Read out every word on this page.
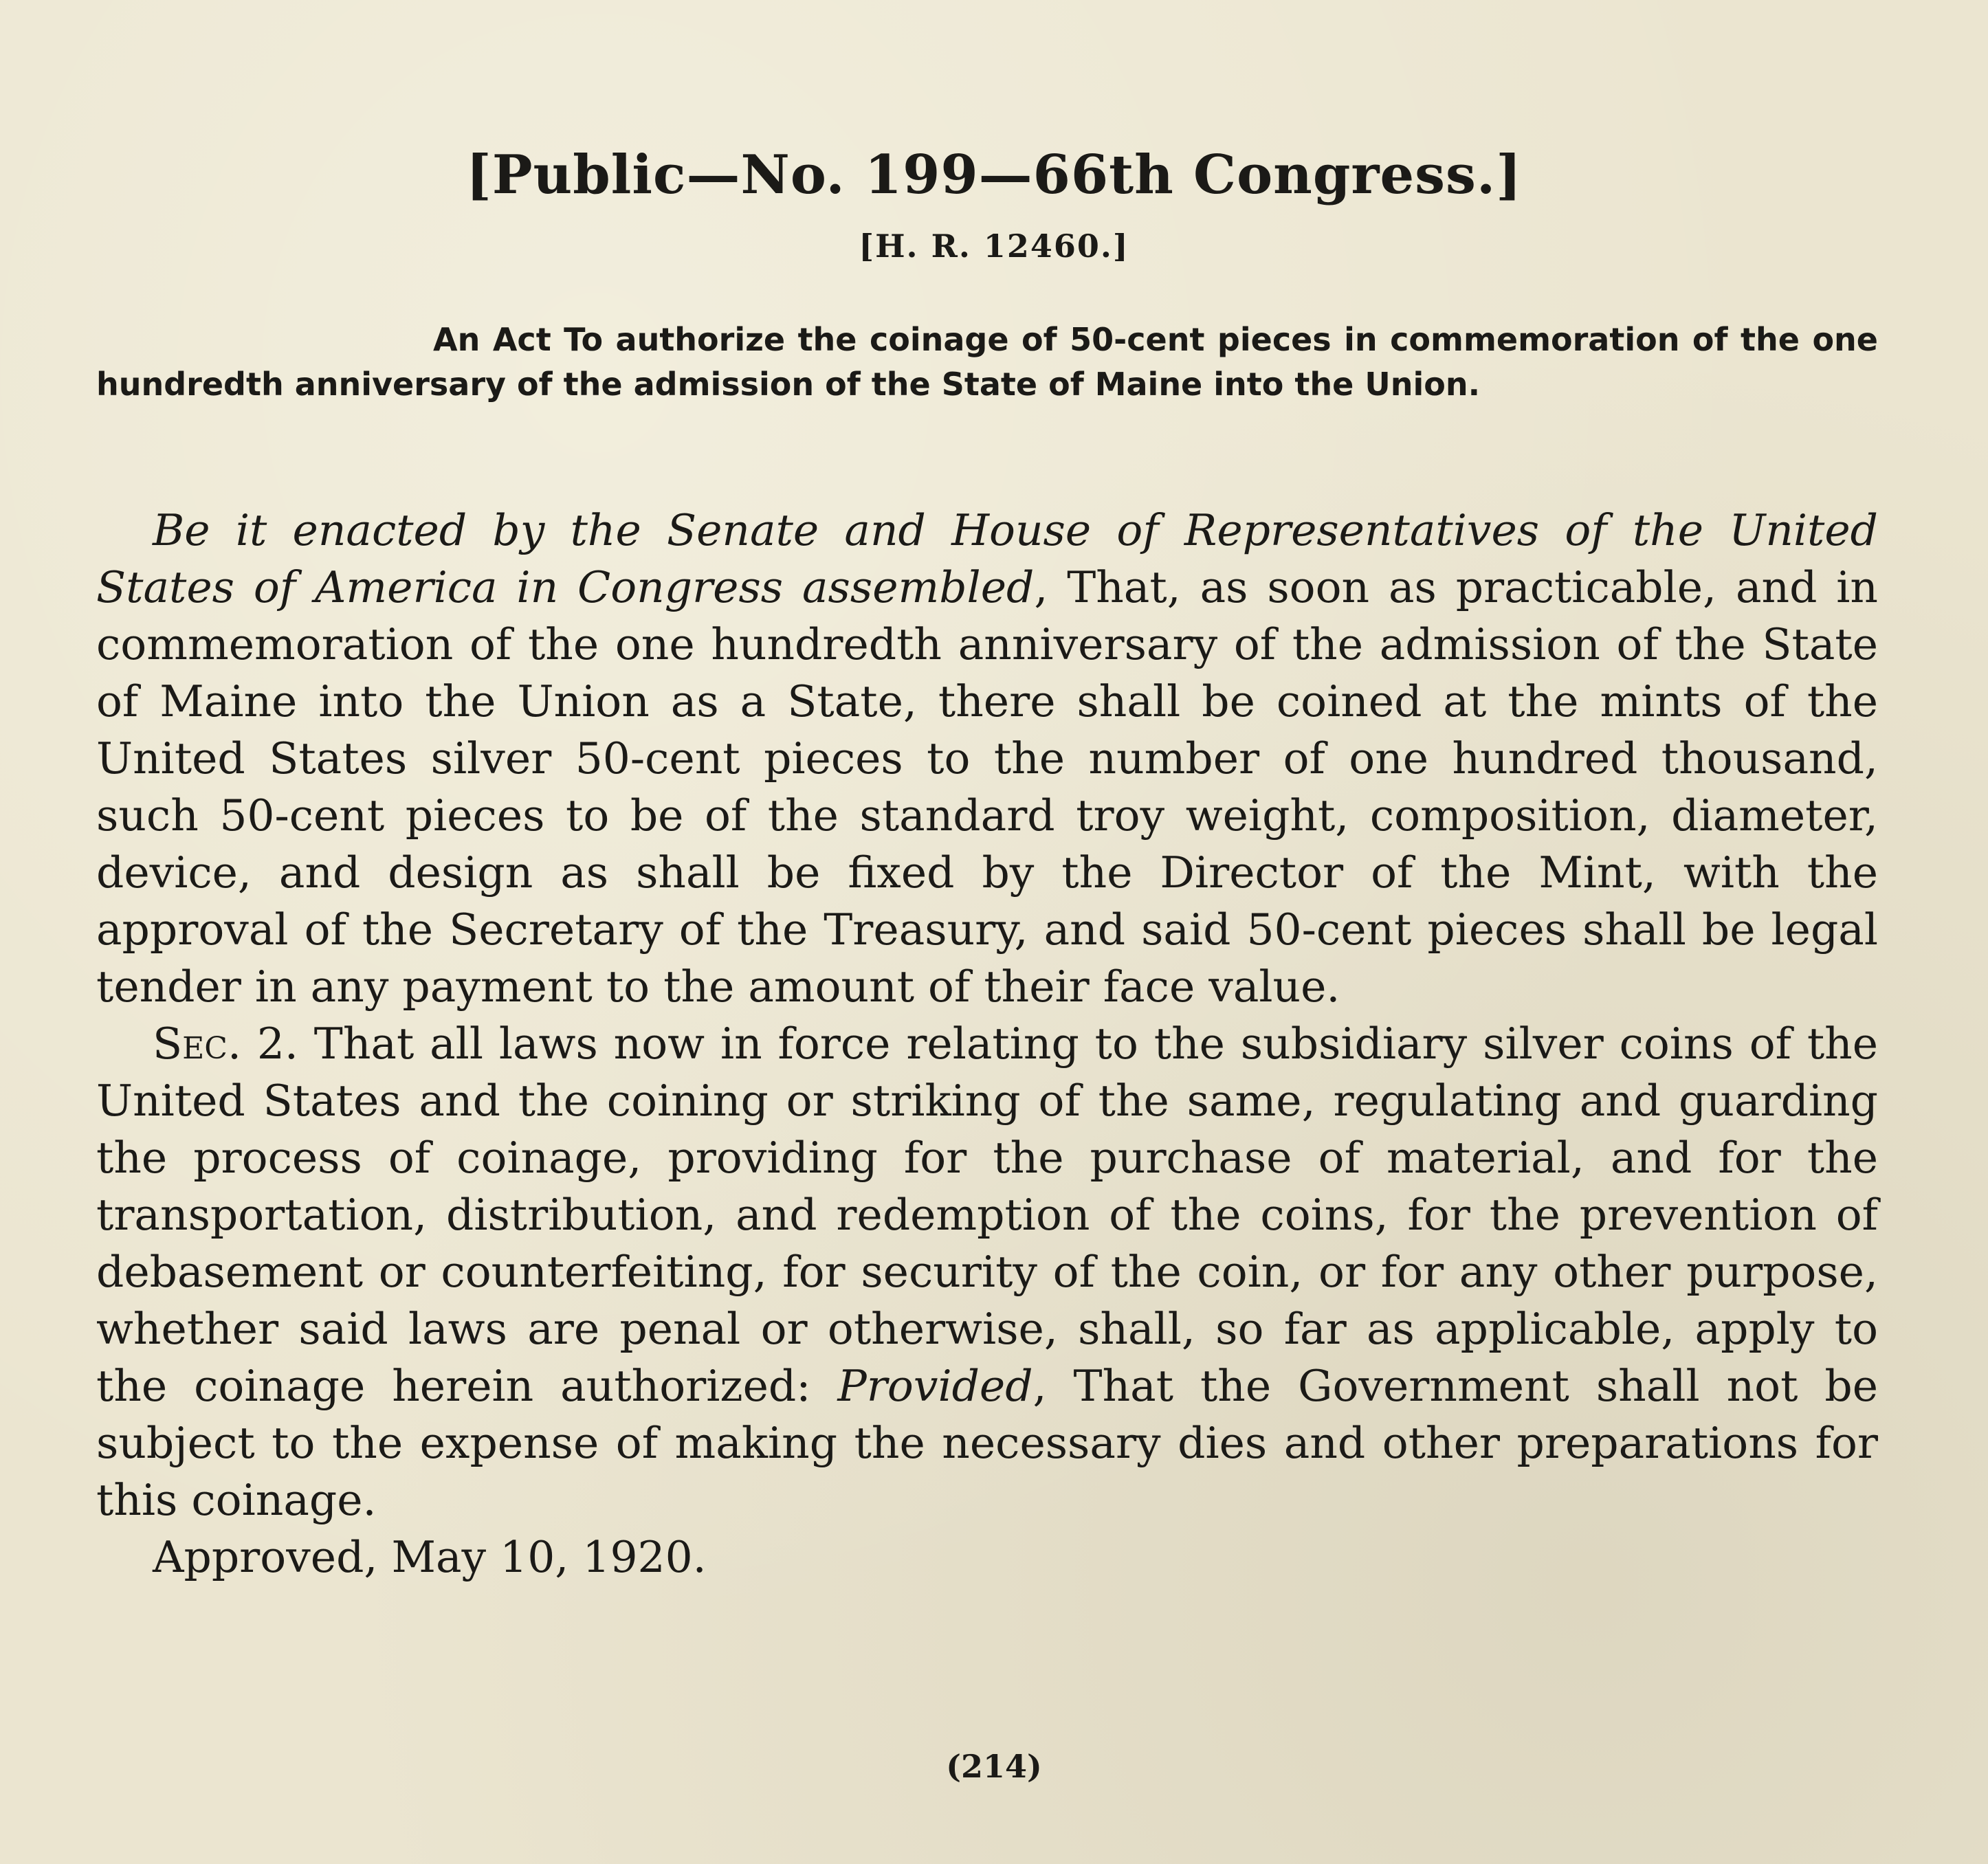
[Public—No. 199—66th Congress.]
[H. R. 12460.]
An Act To authorize the coinage of 50-cent pieces in commemoration of the one hundredth anniversary of the admission of the State of Maine into the Union.

Be it enacted by the Senate and House of Representatives of the United States of America in Congress assembled, That, as soon as practicable, and in commemoration of the one hundredth anniversary of the admission of the State of Maine into the Union as a State, there shall be coined at the mints of the United States silver 50-cent pieces to the number of one hundred thousand, such 50-cent pieces to be of the standard troy weight, composition, diameter, device, and design as shall be fixed by the Director of the Mint, with the approval of the Secretary of the Treasury, and said 50-cent pieces shall be legal tender in any payment to the amount of their face value.

Sec. 2. That all laws now in force relating to the subsidiary silver coins of the United States and the coining or striking of the same, regulating and guarding the process of coinage, providing for the purchase of material, and for the transportation, distribution, and redemption of the coins, for the prevention of debasement or counterfeiting, for security of the coin, or for any other purpose, whether said laws are penal or otherwise, shall, so far as applicable, apply to the coinage herein authorized: Provided, That the Government shall not be subject to the expense of making the necessary dies and other preparations for this coinage.

Approved, May 10, 1920.

(214)
